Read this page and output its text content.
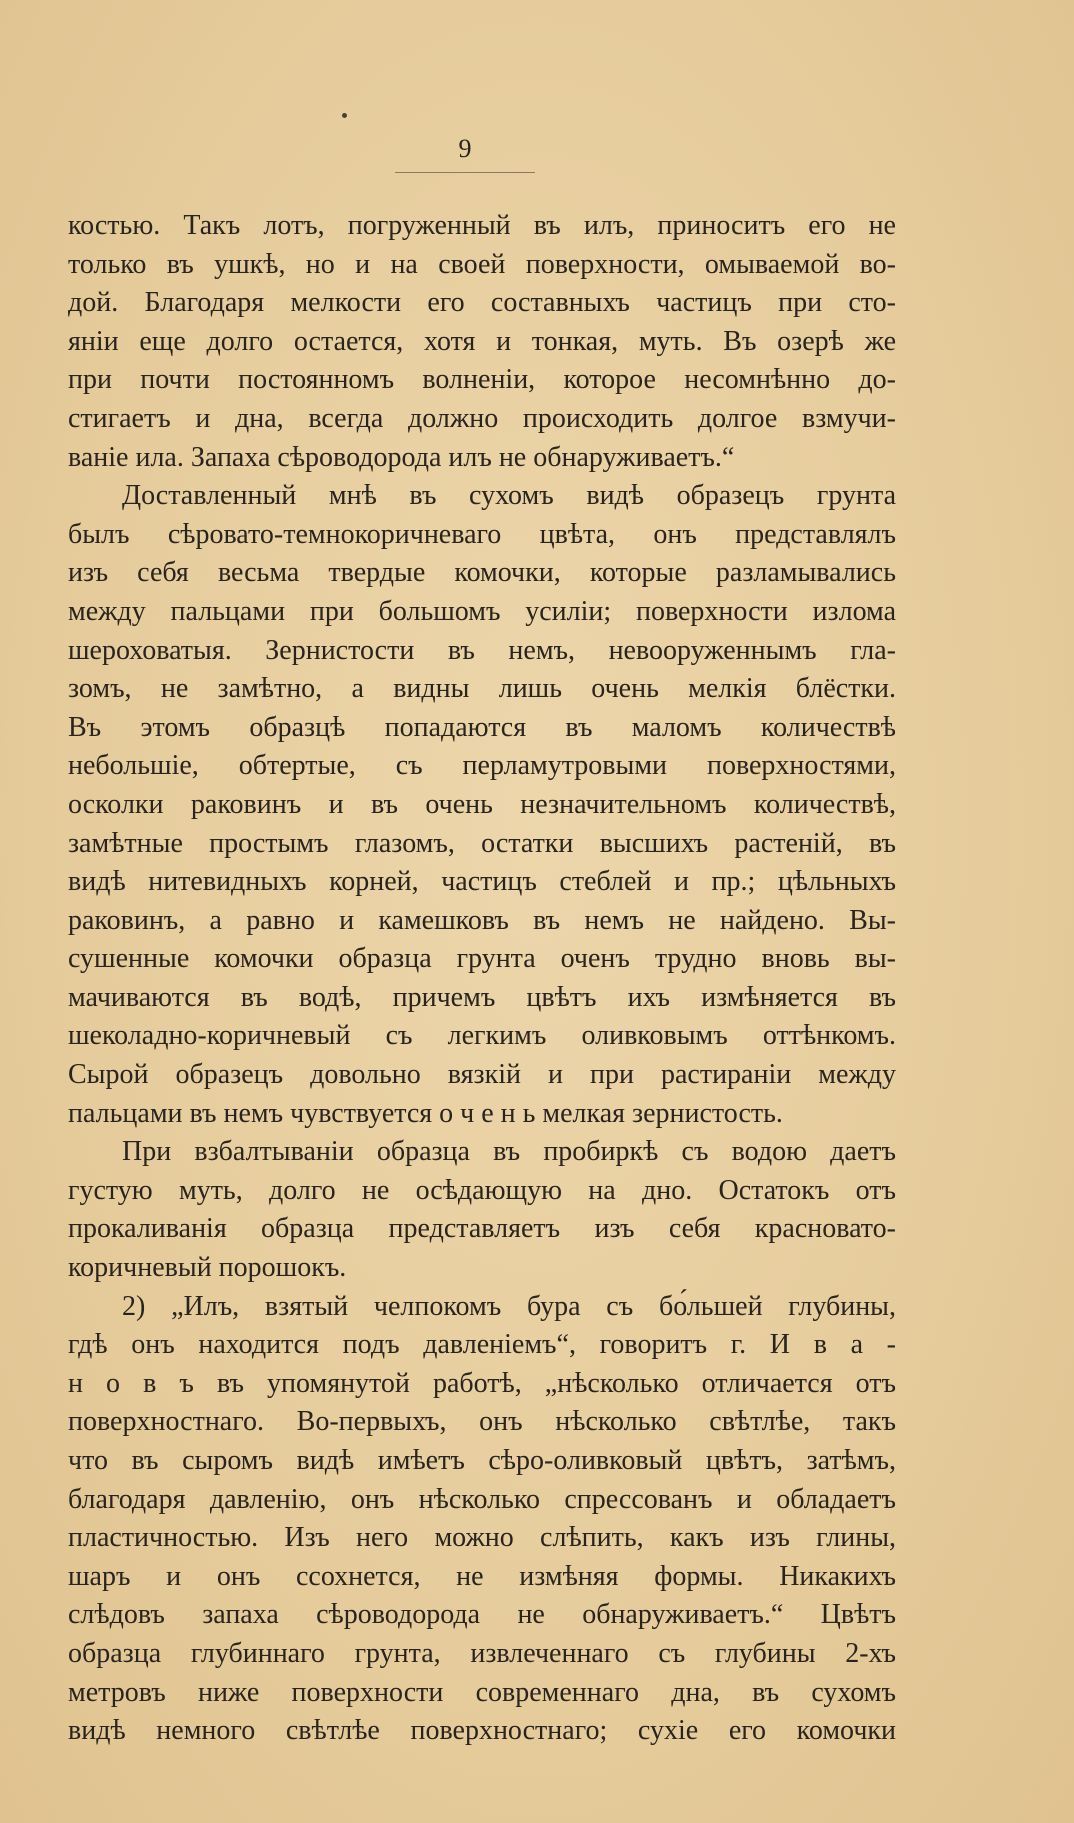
9
костью. Такъ лотъ, погруженный въ илъ, приноситъ его не
только въ ушкѣ, но и на своей поверхности, омываемой во-
дой. Благодаря мелкости его составныхъ частицъ при сто-
яніи еще долго остается, хотя и тонкая, муть. Въ озерѣ же
при почти постоянномъ волненіи, которое несомнѣнно до-
стигаетъ и дна, всегда должно происходить долгое взмучи-
ваніе ила. Запаха сѣроводорода илъ не обнаруживаетъ.“
Доставленный мнѣ въ сухомъ видѣ образецъ грунта
былъ сѣровато-темнокоричневаго цвѣта, онъ представлялъ
изъ себя весьма твердые комочки, которые разламывались
между пальцами при большомъ усиліи; поверхности излома
шероховатыя. Зернистости въ немъ, невооруженнымъ гла-
зомъ, не замѣтно, а видны лишь очень мелкія блёстки.
Въ этомъ образцѣ попадаются въ маломъ количествѣ
небольшіе, обтертые, съ перламутровыми поверхностями,
осколки раковинъ и въ очень незначительномъ количествѣ,
замѣтные простымъ глазомъ, остатки высшихъ растеній, въ
видѣ нитевидныхъ корней, частицъ стеблей и пр.; цѣльныхъ
раковинъ, а равно и камешковъ въ немъ не найдено. Вы-
сушенные комочки образца грунта оченъ трудно вновь вы-
мачиваются въ водѣ, причемъ цвѣтъ ихъ измѣняется въ
шеколадно-коричневый съ легкимъ оливковымъ оттѣнкомъ.
Сырой образецъ довольно вязкій и при растираніи между
пальцами въ немъ чувствуется о ч е н ь мелкая зернистость.
При взбалтываніи образца въ пробиркѣ съ водою даетъ
густую муть, долго не осѣдающую на дно. Остатокъ отъ
прокаливанія образца представляетъ изъ себя красновато-
коричневый порошокъ.
2) „Илъ, взятый челпокомъ бура съ бо́льшей глубины,
гдѣ онъ находится подъ давленіемъ“, говоритъ г. И в а -
н о в ъ въ упомянутой работѣ, „нѣсколько отличается отъ
поверхностнаго. Во-первыхъ, онъ нѣсколько свѣтлѣе, такъ
что въ сыромъ видѣ имѣетъ сѣро-оливковый цвѣтъ, затѣмъ,
благодаря давленію, онъ нѣсколько спрессованъ и обладаетъ
пластичностью. Изъ него можно слѣпить, какъ изъ глины,
шаръ и онъ ссохнется, не измѣняя формы. Никакихъ
слѣдовъ запаха сѣроводорода не обнаруживаетъ.“ Цвѣтъ
образца глубиннаго грунта, извлеченнаго съ глубины 2-хъ
метровъ ниже поверхности современнаго дна, въ сухомъ
видѣ немного свѣтлѣе поверхностнаго; сухіе его комочки
